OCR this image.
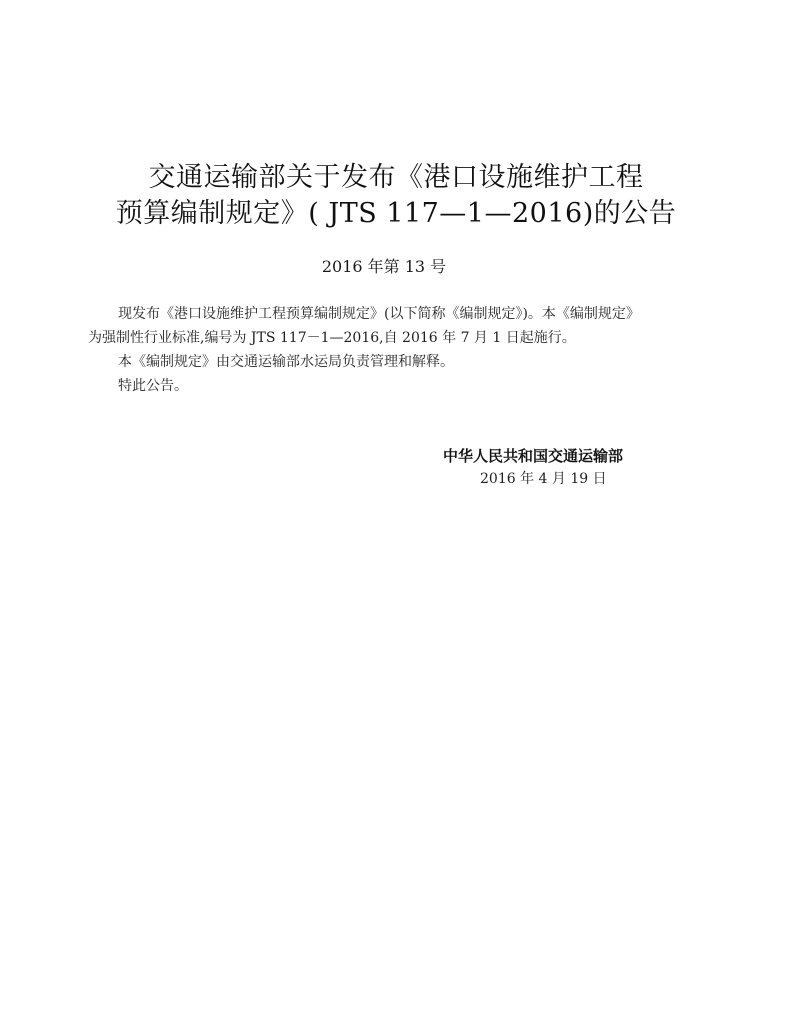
交通运输部关于发布《港口设施维护工程
预算编制规定》( JTS 117—1—2016)的公告
2016 年第 13 号
现发布《港口设施维护工程预算编制规定》(以下简称《编制规定》)。本《编制规定》
为强制性行业标准,编号为 JTS 117－1—2016,自 2016 年 7 月 1 日起施行。
本《编制规定》由交通运输部水运局负责管理和解释。
特此公告。
中华人民共和国交通运输部
2016 年 4 月 19 日
